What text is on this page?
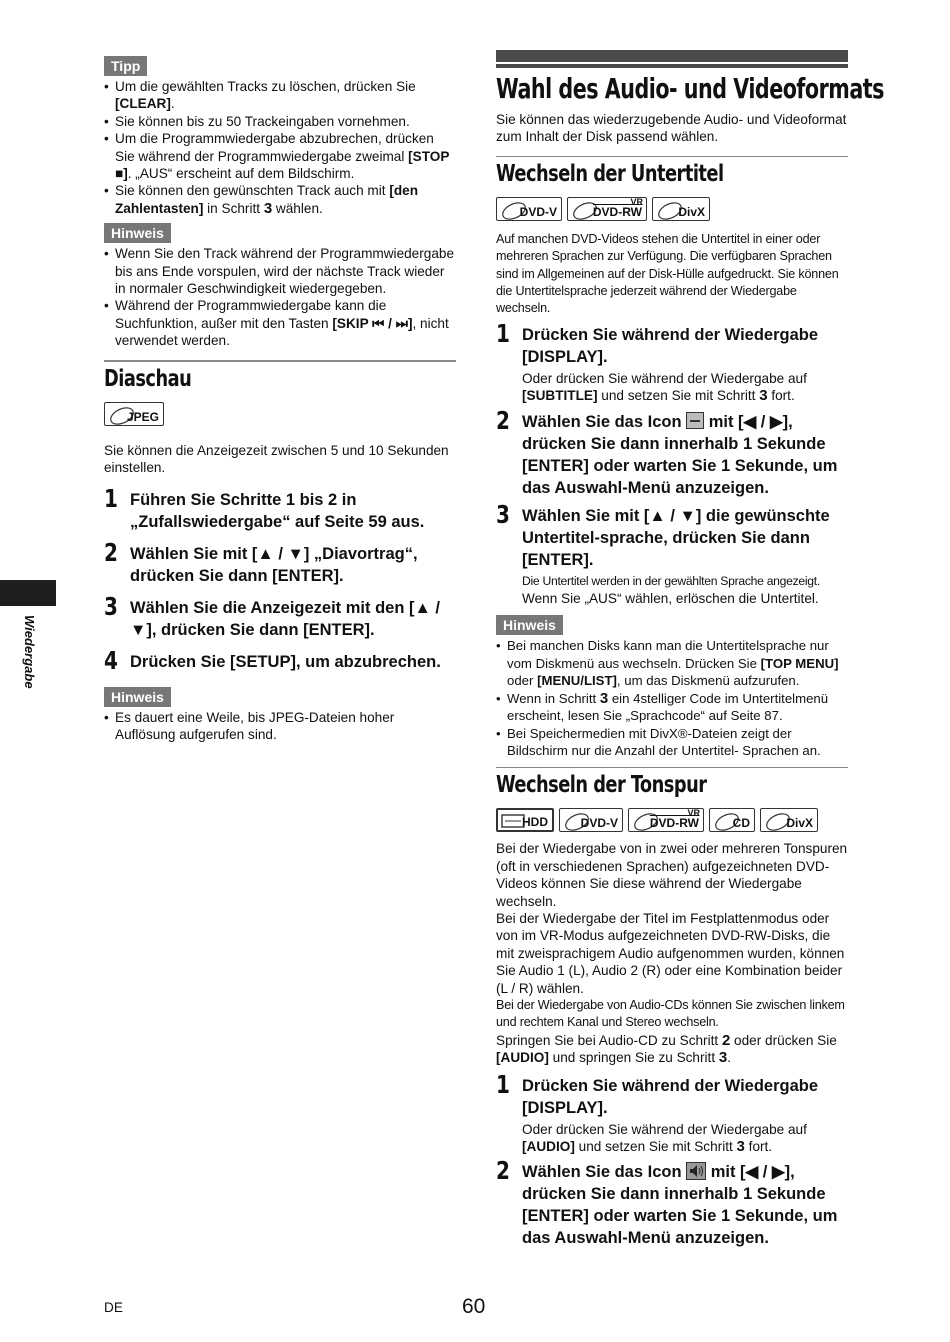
Wiedergabe
Tipp
• Um die gewählten Tracks zu löschen, drücken Sie [CLEAR].
• Sie können bis zu 50 Trackeingaben vornehmen.
• Um die Programmwiedergabe abzubrechen, drücken Sie während der Programmwiedergabe zweimal [STOP ■]. „AUS“ erscheint auf dem Bildschirm.
• Sie können den gewünschten Track auch mit [den Zahlentasten] in Schritt 3 wählen.
Hinweis
• Wenn Sie den Track während der Programmwiedergabe bis ans Ende vorspulen, wird der nächste Track wieder in normaler Geschwindigkeit wiedergegeben.
• Während der Programmwiedergabe kann die Suchfunktion, außer mit den Tasten [SKIP ⏮ / ⏭], nicht verwendet werden.
Diaschau
JPEG

Sie können die Anzeigezeit zwischen 5 und 10 Sekunden einstellen.

1 Führen Sie Schritte 1 bis 2 in „Zufallswiedergabe“ auf Seite 59 aus.
2 Wählen Sie mit [▲ / ▼] „Diavortrag“, drücken Sie dann [ENTER].
3 Wählen Sie die Anzeigezeit mit den [▲ / ▼], drücken Sie dann [ENTER].
4 Drücken Sie [SETUP], um abzubrechen.
Hinweis
• Es dauert eine Weile, bis JPEG-Dateien hoher Auflösung aufgerufen sind.
Wahl des Audio- und Videoformats

Sie können das wiederzugebende Audio- und Videoformat zum Inhalt der Disk passend wählen.

Wechseln der Untertitel
DVD-V
VR
DVD-RW	DivX

Auf manchen DVD-Videos stehen die Untertitel in einer oder mehreren Sprachen zur Verfügung. Die verfügbaren Sprachen sind im Allgemeinen auf der Disk-Hülle aufgedruckt. Sie können die Untertitelsprache jederzeit während der Wiedergabe wechseln.

1 Drücken Sie während der Wiedergabe [DISPLAY].
Oder drücken Sie während der Wiedergabe auf [SUBTITLE] und setzen Sie mit Schritt 3 fort.
2 Wählen Sie das Icon
mit [◀ / ▶], drücken Sie dann innerhalb 1 Sekunde [ENTER] oder warten Sie 1 Sekunde, um das Auswahl-Menü anzuzeigen.
3 Wählen Sie mit [▲ / ▼] die gewünschte Untertitel-sprache, drücken Sie dann [ENTER].
Die Untertitel werden in der gewählten Sprache angezeigt.
Wenn Sie „AUS“ wählen, erlöschen die Untertitel.
Hinweis
• Bei manchen Disks kann man die Untertitelsprache nur vom Diskmenü aus wechseln. Drücken Sie [TOP MENU] oder [MENU/LIST], um das Diskmenü aufzurufen.
• Wenn in Schritt 3 ein 4stelliger Code im Untertitelmenü erscheint, lesen Sie „Sprachcode“ auf Seite 87.
• Bei Speichermedien mit DivX®-Dateien zeigt der Bildschirm nur die Anzahl der Untertitel- Sprachen an.
Wechseln der Tonspur
HDD	DVD-V
VR
DVD-RW	CD	DivX

Bei der Wiedergabe von in zwei oder mehreren Tonspuren (oft in verschiedenen Sprachen) aufgezeichneten DVD-Videos können Sie diese während der Wiedergabe wechseln.

Bei der Wiedergabe der Titel im Festplattenmodus oder von im VR-Modus aufgezeichneten DVD-RW-Disks, die mit zweisprachigem Audio aufgenommen wurden, können Sie Audio 1 (L), Audio 2 (R) oder eine Kombination beider (L / R) wählen.

Bei der Wiedergabe von Audio-CDs können Sie zwischen linkem und rechtem Kanal und Stereo wechseln.

Springen Sie bei Audio-CD zu Schritt 2 oder drücken Sie [AUDIO] und springen Sie zu Schritt 3.

1 Drücken Sie während der Wiedergabe [DISPLAY].
Oder drücken Sie während der Wiedergabe auf [AUDIO] und setzen Sie mit Schritt 3 fort.
2 Wählen Sie das Icon  mit [◀ / ▶], drücken Sie dann innerhalb 1 Sekunde [ENTER] oder warten Sie 1 Sekunde, um das Auswahl-Menü anzuzeigen.
DE	60
